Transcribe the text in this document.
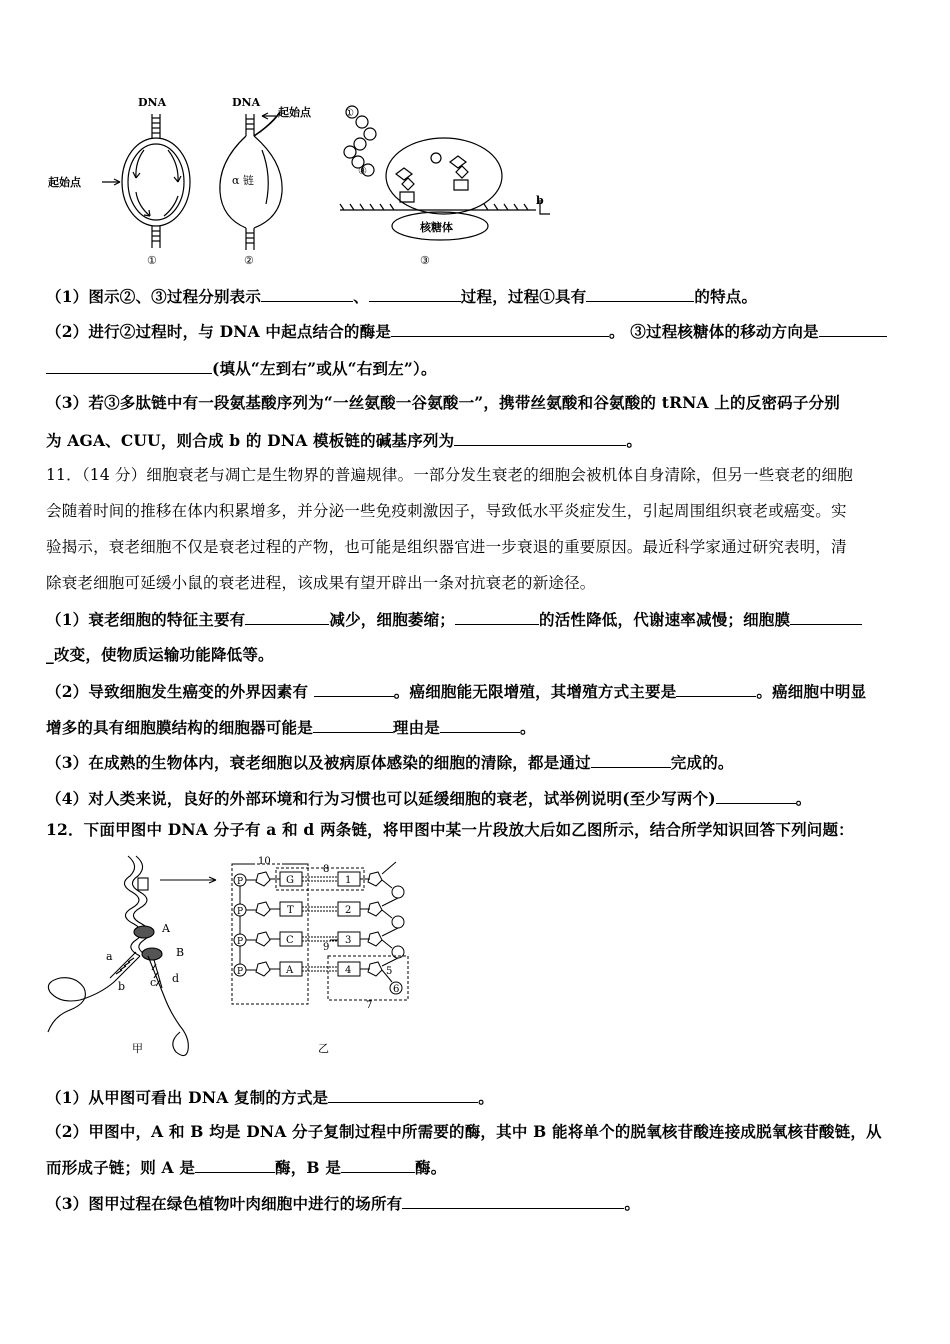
DNA
起始点
①
DNA
起始点
α 链
②
①
⑧
核糖体
b
③
（1）图示②、③过程分别表示	、	过程，过程①具有	的特点。
（2）进行②过程时，与 DNA 中起点结合的酶是	。 ③过程核糖体的移动方向是
(填从“左到右”或从“右到左”）。
（3）若③多肽链中有一段氨基酸序列为“一丝氨酸一谷氨酸一”，携带丝氨酸和谷氨酸的 tRNA 上的反密码子分别
为 AGA、CUU，则合成 b 的 DNA 模板链的碱基序列为	。
11．（14 分）细胞衰老与凋亡是生物界的普遍规律。一部分发生衰老的细胞会被机体自身清除，但另一些衰老的细胞
会随着时间的推移在体内积累增多，并分泌一些免疫刺激因子，导致低水平炎症发生，引起周围组织衰老或癌变。实
验揭示，衰老细胞不仅是衰老过程的产物，也可能是组织器官进一步衰退的重要原因。最近科学家通过研究表明，清
除衰老细胞可延缓小鼠的衰老进程，该成果有望开辟出一条对抗衰老的新途径。
（1）衰老细胞的特征主要有	减少，细胞萎缩；	的活性降低，代谢速率减慢；细胞膜
_改变，使物质运输功能降低等。
（2）导致细胞发生癌变的外界因素有	。癌细胞能无限增殖，其增殖方式主要是	。癌细胞中明显
增多的具有细胞膜结构的细胞器可能是	理由是	。
（3）在成熟的生物体内，衰老细胞以及被病原体感染的细胞的清除，都是通过	完成的。
（4）对人类来说，良好的外部环境和行为习惯也可以延缓细胞的衰老，试举例说明(至少写两个)	。
12．下面甲图中 DNA 分子有 a 和 d 两条链，将甲图中某一片段放大后如乙图所示，结合所学知识回答下列问题：
A
B
a
b c d
甲
10
8
9
7
5
6
P
P
P
P
G
T
C
A
1
2
3
4
乙
（1）从甲图可看出 DNA 复制的方式是	。
（2）甲图中，A 和 B 均是 DNA 分子复制过程中所需要的酶，其中 B 能将单个的脱氧核苷酸连接成脱氧核苷酸链，从
而形成子链；则 A 是	酶，B 是	酶。
（3）图甲过程在绿色植物叶肉细胞中进行的场所有	。
